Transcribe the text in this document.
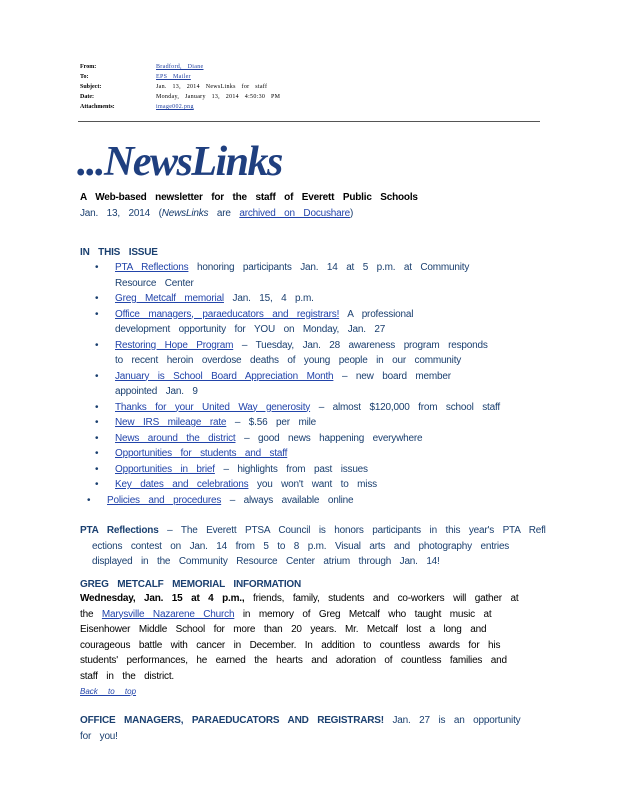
From:	Bradford, Diane
To:	EPS Mailer
Subject:	Jan. 13, 2014 NewsLinks for staff
Date:	Monday, January 13, 2014 4:50:30 PM
Attachments:	image002.png
...NewsLinks
A Web-based newsletter for the staff of Everett Public Schools
Jan. 13, 2014 (NewsLinks are archived on Docushare)
IN THIS ISSUE
• PTA Reflections honoring participants Jan. 14 at 5 p.m. at Community
Resource Center
• Greg Metcalf memorial Jan. 15, 4 p.m.
• Office managers, paraeducators and registrars! A professional
development opportunity for YOU on Monday, Jan. 27
• Restoring Hope Program – Tuesday, Jan. 28 awareness program responds
to recent heroin overdose deaths of young people in our community
• January is School Board Appreciation Month – new board member
appointed Jan. 9
• Thanks for your United Way generosity – almost $120,000 from school staff
• New IRS mileage rate – $.56 per mile
• News around the district – good news happening everywhere
• Opportunities for students and staff
• Opportunities in brief – highlights from past issues
• Key dates and celebrations you won't want to miss
• Policies and procedures – always available online
PTA Reflections – The Everett PTSA Council is honors participants in this year's PTA Refl
ections contest on Jan. 14 from 5 to 8 p.m. Visual arts and photography entries
displayed in the Community Resource Center atrium through Jan. 14!
GREG METCALF MEMORIAL INFORMATION
Wednesday, Jan. 15 at 4 p.m., friends, family, students and co-workers will gather at
the Marysville Nazarene Church in memory of Greg Metcalf who taught music at
Eisenhower Middle School for more than 20 years. Mr. Metcalf lost a long and
courageous battle with cancer in December. In addition to countless awards for his
students' performances, he earned the hearts and adoration of countless families and
staff in the district.
Back to top
OFFICE MANAGERS, PARAEDUCATORS AND REGISTRARS! Jan. 27 is an opportunity
for you!
